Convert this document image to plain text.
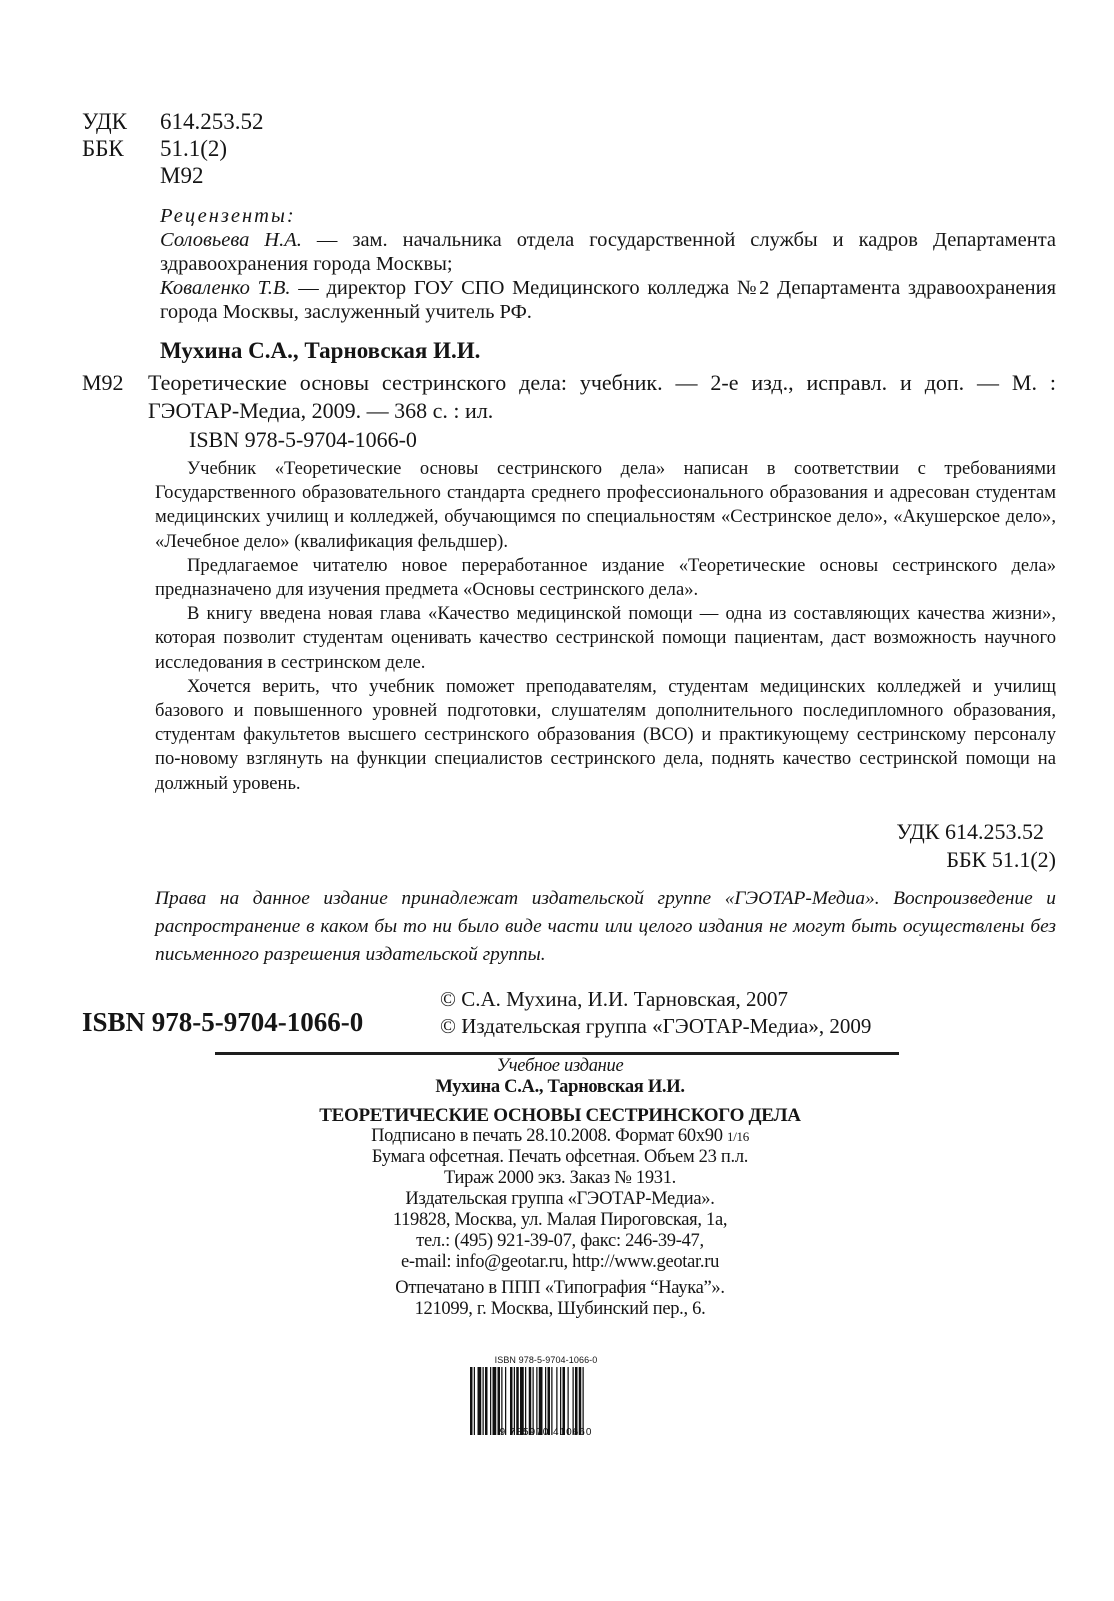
УДК	614.253.52
ББК	51.1(2)
М92
Рецензенты:
Соловьева Н.А. — зам. начальника отдела государственной службы и кадров Департамента здравоохранения города Москвы;
Коваленко Т.В. — директор ГОУ СПО Медицинского колледжа №2 Департамента здравоохранения города Москвы, заслуженный учитель РФ.
Мухина С.А., Тарновская И.И.
М92 Теоретические основы сестринского дела: учебник. — 2-е изд., исправл. и доп. — М. : ГЭОТАР-Медиа, 2009. — 368 с. : ил.
ISBN 978-5-9704-1066-0

Учебник «Теоретические основы сестринского дела» написан в соответствии с требованиями Государственного образовательного стандарта среднего профессионального образования и адресован студентам медицинских училищ и колледжей, обучающимся по специальностям «Сестринское дело», «Акушерское дело», «Лечебное дело» (квалификация фельдшер).

Предлагаемое читателю новое переработанное издание «Теоретические основы сестринского дела» предназначено для изучения предмета «Основы сестринского дела».

В книгу введена новая глава «Качество медицинской помощи — одна из составляющих качества жизни», которая позволит студентам оценивать качество сестринской помощи пациентам, даст возможность научного исследования в сестринском деле.

Хочется верить, что учебник поможет преподавателям, студентам медицинских колледжей и училищ базового и повышенного уровней подготовки, слушателям дополнительного последипломного образования, студентам факультетов высшего сестринского образования (ВСО) и практикующему сестринскому персоналу по-новому взглянуть на функции специалистов сестринского дела, поднять качество сестринской помощи на должный уровень.

УДК 614.253.52
ББК 51.1(2)
Права на данное издание принадлежат издательской группе «ГЭОТАР-Медиа». Воспроизведение и распространение в каком бы то ни было виде части или целого издания не могут быть осуществлены без письменного разрешения издательской группы.
© С.А. Мухина, И.И. Тарновская, 2007
© Издательская группа «ГЭОТАР-Медиа», 2009
ISBN 978-5-9704-1066-0
Учебное издание
Мухина С.А., Тарновская И.И.
ТЕОРЕТИЧЕСКИЕ ОСНОВЫ СЕСТРИНСКОГО ДЕЛА
Подписано в печать 28.10.2008. Формат 60х90 1/16
Бумага офсетная. Печать офсетная. Объем 23 п.л.
Тираж 2000 экз. Заказ № 1931.
Издательская группа «ГЭОТАР-Медиа».
119828, Москва, ул. Малая Пироговская, 1а,
тел.: (495) 921-39-07, факс: 246-39-47,
e-mail: info@geotar.ru, http://www.geotar.ru
Отпечатано в ППП «Типография “Наука”».
121099, г. Москва, Шубинский пер., 6.
ISBN 978-5-9704-1066-0
9 785970 410660
